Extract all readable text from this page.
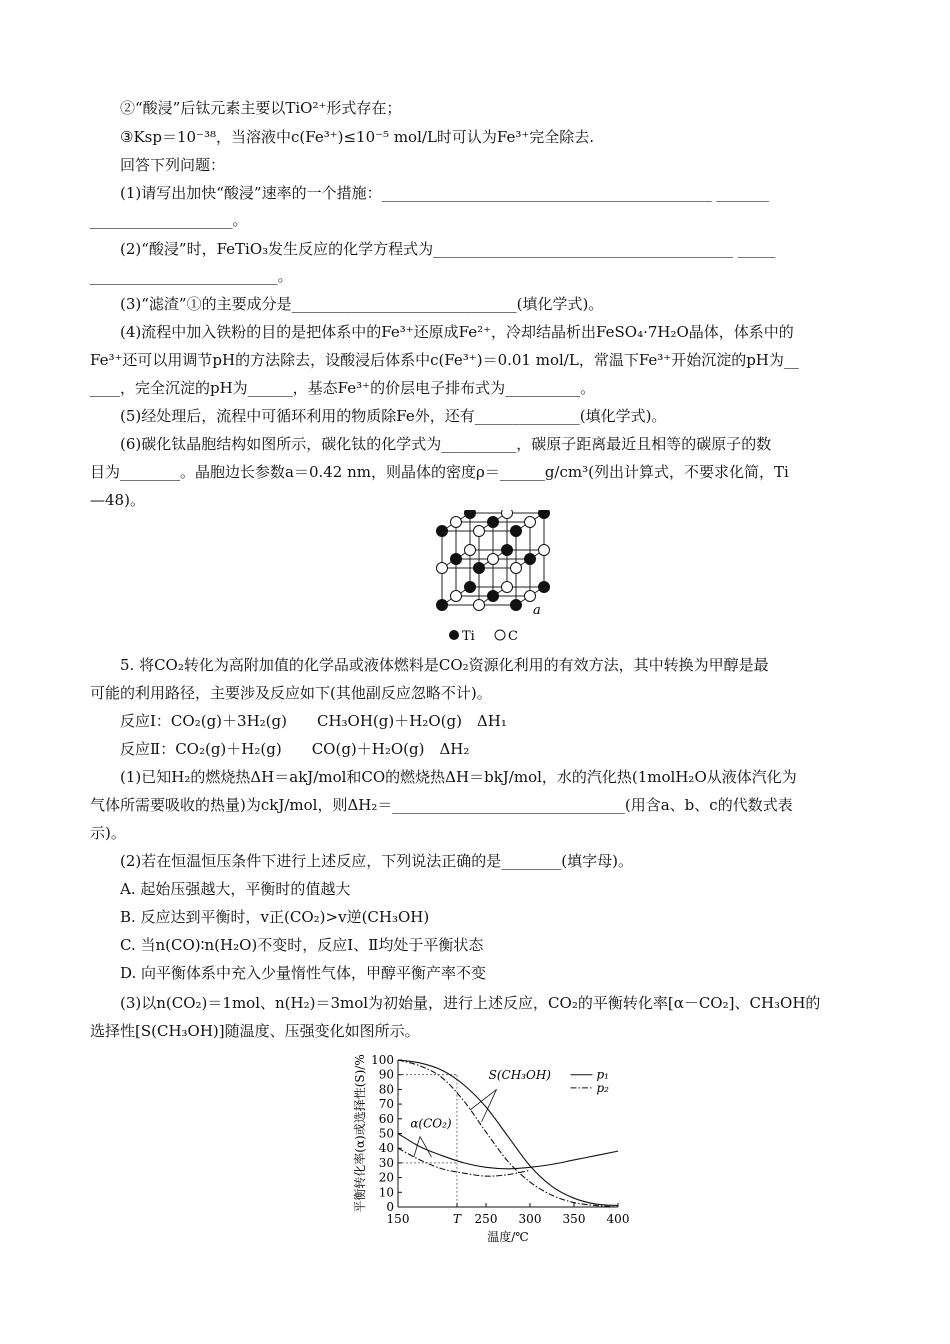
②“酸浸”后钛元素主要以TiO²⁺形式存在；
③Ksp＝10⁻³⁸，当溶液中c(Fe³⁺)≤10⁻⁵ mol/L时可认为Fe³⁺完全除去.
回答下列问题：
(1)请写出加快“酸浸”速率的一个措施：____________________________________________ _______
___________________。
(2)“酸浸”时，FeTiO₃发生反应的化学方程式为________________________________________ _____
_________________________。
(3)“滤渣”①的主要成分是______________________________(填化学式)。
(4)流程中加入铁粉的目的是把体系中的Fe³⁺还原成Fe²⁺，冷却结晶析出FeSO₄·7H₂O晶体，体系中的
Fe³⁺还可以用调节pH的方法除去，设酸浸后体系中c(Fe³⁺)＝0.01 mol/L，常温下Fe³⁺开始沉淀的pH为__
____，完全沉淀的pH为______，基态Fe³⁺的价层电子排布式为__________。
(5)经处理后，流程中可循环利用的物质除Fe外，还有______________(填化学式)。
(6)碳化钛晶胞结构如图所示，碳化钛的化学式为__________，碳原子距离最近且相等的碳原子的数
目为________。晶胞边长参数a＝0.42 nm，则晶体的密度ρ＝______g/cm³(列出计算式，不要求化简，Ti
—48)。
a
Ti	C
5. 将CO₂转化为高附加值的化学品或液体燃料是CO₂资源化利用的有效方法，其中转换为甲醇是最
可能的利用路径，主要涉及反应如下(其他副反应忽略不计)。
反应Ⅰ：CO₂(g)＋3H₂(g)　　CH₃OH(g)＋H₂O(g)　ΔH₁
反应Ⅱ：CO₂(g)＋H₂(g)　　CO(g)＋H₂O(g)　ΔH₂
(1)已知H₂的燃烧热ΔH＝akJ/mol和CO的燃烧热ΔH＝bkJ/mol，水的汽化热(1molH₂O从液体汽化为
气体所需要吸收的热量)为ckJ/mol，则ΔH₂＝_______________________________(用含a、b、c的代数式表
示)。
(2)若在恒温恒压条件下进行上述反应，下列说法正确的是________(填字母)。
A. 起始压强越大，平衡时的值越大
B. 反应达到平衡时，v正(CO₂)>v逆(CH₃OH)
C. 当n(CO)∶n(H₂O)不变时，反应Ⅰ、Ⅱ均处于平衡状态
D. 向平衡体系中充入少量惰性气体，甲醇平衡产率不变
(3)以n(CO₂)＝1mol、n(H₂)＝3mol为初始量，进行上述反应，CO₂的平衡转化率[α－CO₂]、CH₃OH的
选择性[S(CH₃OH)]随温度、压强变化如图所示。
0
10
20
30
40
50
60
70
80
90
100
150	T 250 300 350 400
平衡转化率(α)或选择性(S)/%
温度/℃
S(CH₃OH)
α(CO₂)
p₁
p₂
